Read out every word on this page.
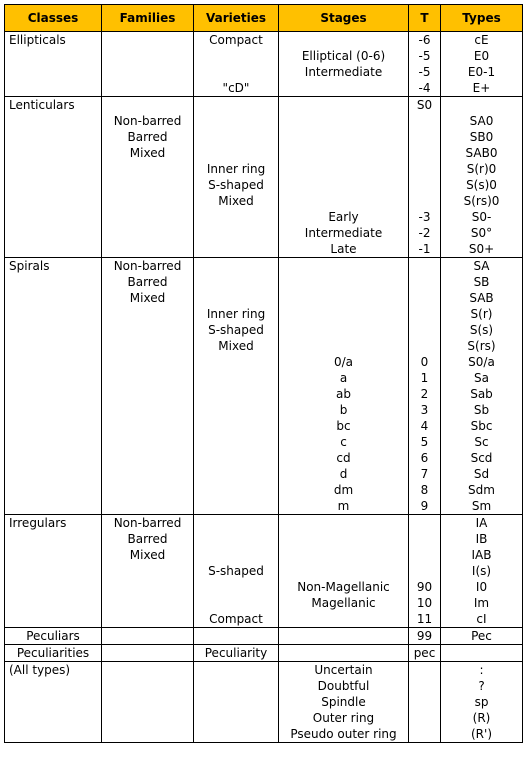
Classes	Families	Varieties	Stages	T	Types
Ellipticals		Compact		-6	cE
			Elliptical (0-6)	-5	E0
			Intermediate	-5	E0-1
		"cD"		-4	E+
Lenticulars				S0	
	Non-barred				SA0
	Barred				SB0
	Mixed				SAB0
		Inner ring			S(r)0
		S-shaped			S(s)0
		Mixed			S(rs)0
			Early	-3	S0-
			Intermediate	-2	S0°
			Late	-1	S0+
Spirals	Non-barred				SA
	Barred				SB
	Mixed				SAB
		Inner ring			S(r)
		S-shaped			S(s)
		Mixed			S(rs)
			0/a	0	S0/a
			a	1	Sa
			ab	2	Sab
			b	3	Sb
			bc	4	Sbc
			c	5	Sc
			cd	6	Scd
			d	7	Sd
			dm	8	Sdm
			m	9	Sm
Irregulars	Non-barred				IA
	Barred				IB
	Mixed				IAB
		S-shaped			I(s)
			Non-Magellanic	90	I0
			Magellanic	10	Im
		Compact		11	cI
Peculiars				99	Pec
Peculiarities		Peculiarity		pec	
(All types)			Uncertain		:
			Doubtful		?
			Spindle		sp
			Outer ring		(R)
			Pseudo outer ring		(R')
